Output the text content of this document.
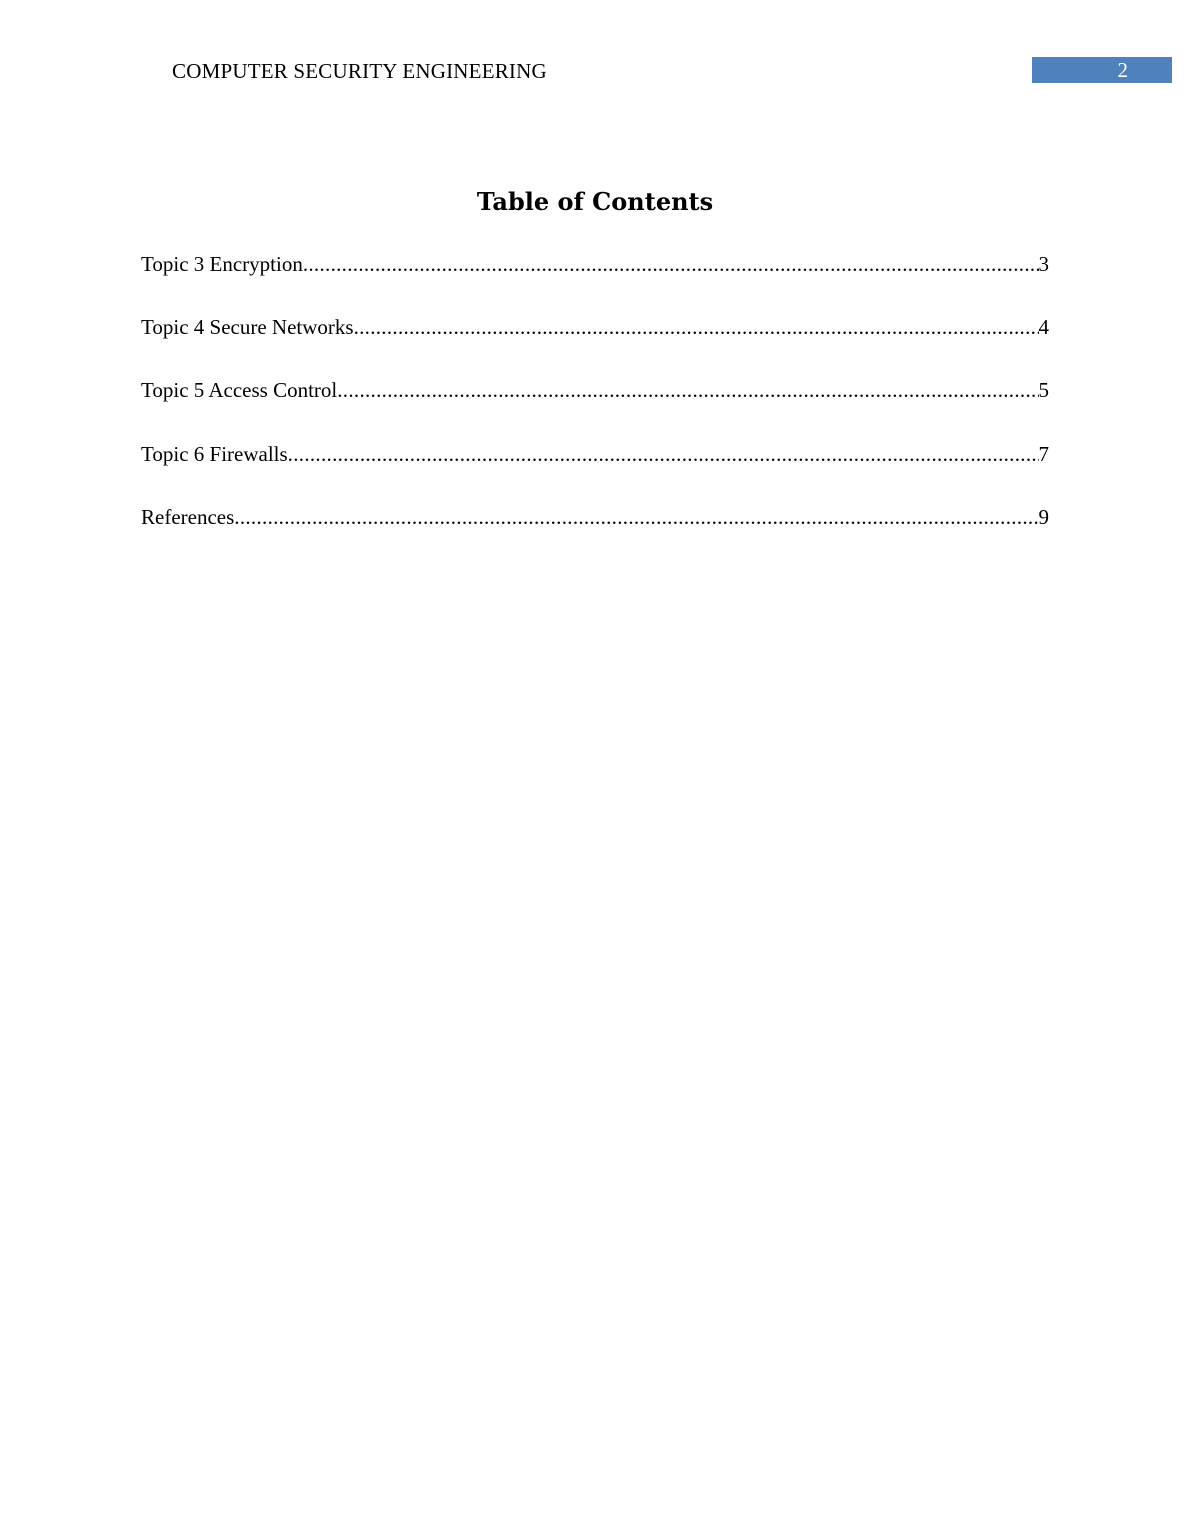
COMPUTER SECURITY ENGINEERING	2
Table of Contents
Topic 3 Encryption .....	3
Topic 4 Secure Networks .....	4
Topic 5 Access Control .....	5
Topic 6 Firewalls .....	7
References .....	9
